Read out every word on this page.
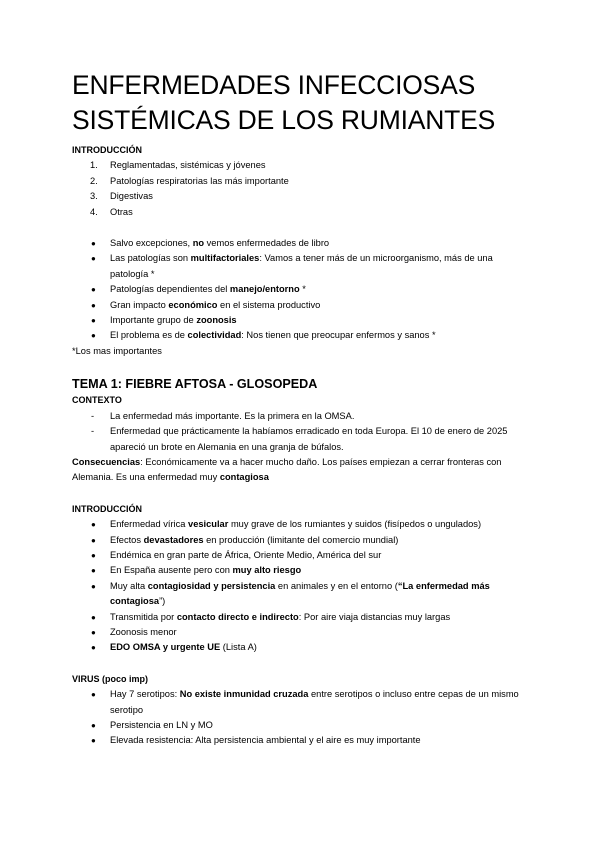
ENFERMEDADES INFECCIOSAS
SISTÉMICAS DE LOS RUMIANTES
INTRODUCCIÓN
1. Reglamentadas, sistémicas y jóvenes
2. Patologías respiratorias las más importante
3. Digestivas
4. Otras
● Salvo excepciones, no vemos enfermedades de libro
● Las patologías son multifactoriales: Vamos a tener más de un microorganismo, más de una patología *
● Patologías dependientes del manejo/entorno *
● Gran impacto económico en el sistema productivo
● Importante grupo de zoonosis
● El problema es de colectividad: Nos tienen que preocupar enfermos y sanos *
*Los mas importantes
TEMA 1: FIEBRE AFTOSA - GLOSOPEDA
CONTEXTO
- La enfermedad más importante. Es la primera en la OMSA.
- Enfermedad que prácticamente la habíamos erradicado en toda Europa. El 10 de enero de 2025 apareció un brote en Alemania en una granja de búfalos.
Consecuencias: Económicamente va a hacer mucho daño. Los países empiezan a cerrar fronteras con Alemania. Es una enfermedad muy contagiosa
INTRODUCCIÓN
● Enfermedad vírica vesicular muy grave de los rumiantes y suidos (fisípedos o ungulados)
● Efectos devastadores en producción (limitante del comercio mundial)
● Endémica en gran parte de África, Oriente Medio, América del sur
● En España ausente pero con muy alto riesgo
● Muy alta contagiosidad y persistencia en animales y en el entorno (“La enfermedad más contagiosa”)
● Transmitida por contacto directo e indirecto: Por aire viaja distancias muy largas
● Zoonosis menor
● EDO OMSA y urgente UE (Lista A)
VIRUS (poco imp)
● Hay 7 serotipos: No existe inmunidad cruzada entre serotipos o incluso entre cepas de un mismo serotipo
● Persistencia en LN y MO
● Elevada resistencia: Alta persistencia ambiental y el aire es muy importante
